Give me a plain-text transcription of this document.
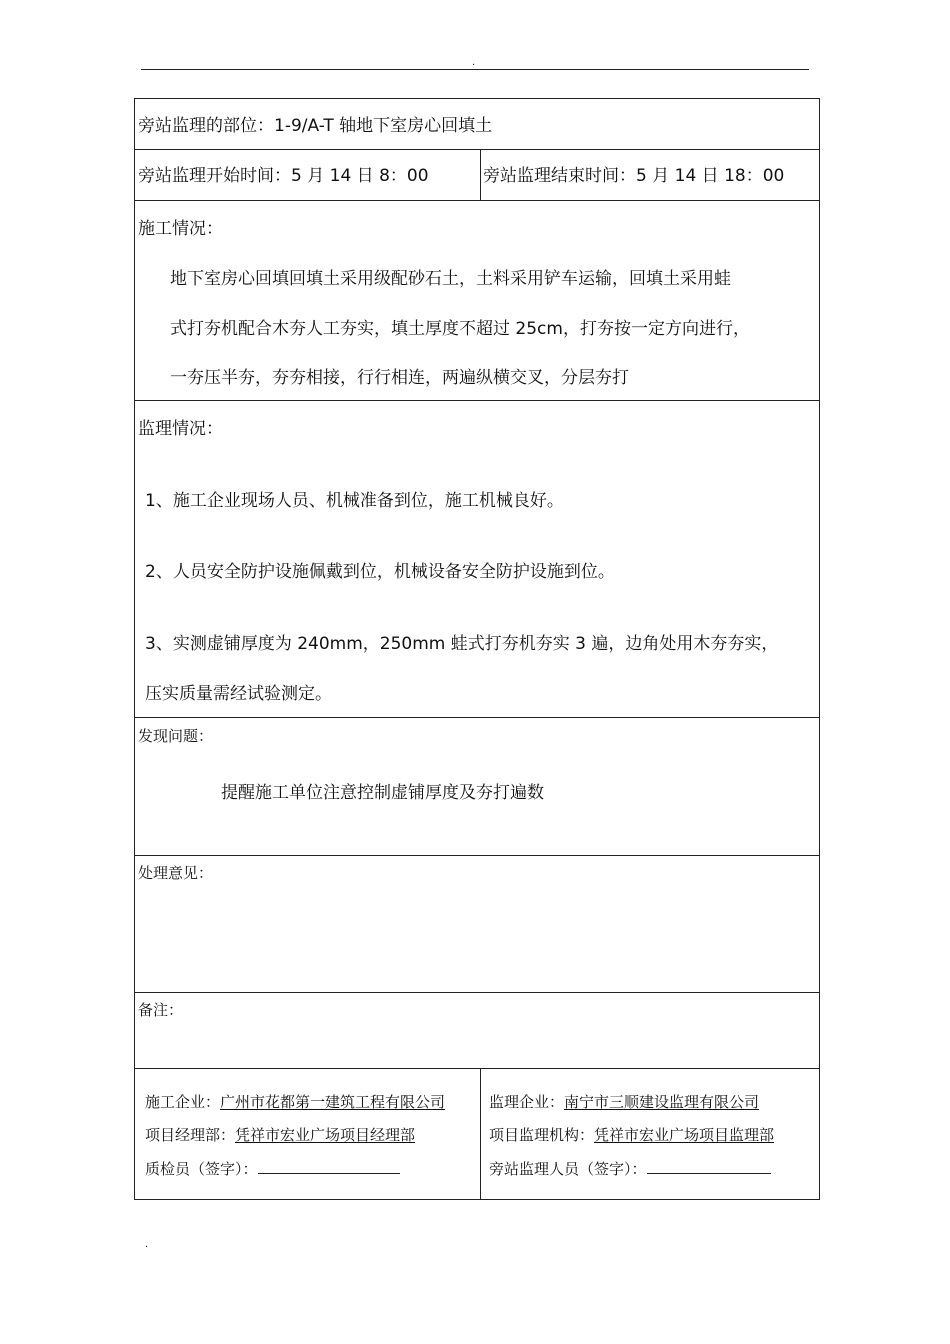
.
旁站监理的部位：1-9/A-T 轴地下室房心回填土
旁站监理开始时间：5 月 14 日 8：00	旁站监理结束时间：5 月 14 日 18：00
施工情况：
地下室房心回填回填土采用级配砂石土，土料采用铲车运输，回填土采用蛙
式打夯机配合木夯人工夯实，填土厚度不超过 25cm，打夯按一定方向进行，
一夯压半夯，夯夯相接，行行相连，两遍纵横交叉，分层夯打
监理情况：
1、施工企业现场人员、机械准备到位，施工机械良好。
2、人员安全防护设施佩戴到位，机械设备安全防护设施到位。
3、实测虚铺厚度为 240mm，250mm 蛙式打夯机夯实 3 遍，边角处用木夯夯实，
压实质量需经试验测定。
发现问题：
提醒施工单位注意控制虚铺厚度及夯打遍数
处理意见：
备注：
施工企业：广州市花都第一建筑工程有限公司
项目经理部：凭祥市宏业广场项目经理部
质检员（签字）：
监理企业：南宁市三顺建设监理有限公司
项目监理机构：凭祥市宏业广场项目监理部
旁站监理人员（签字）：
.
